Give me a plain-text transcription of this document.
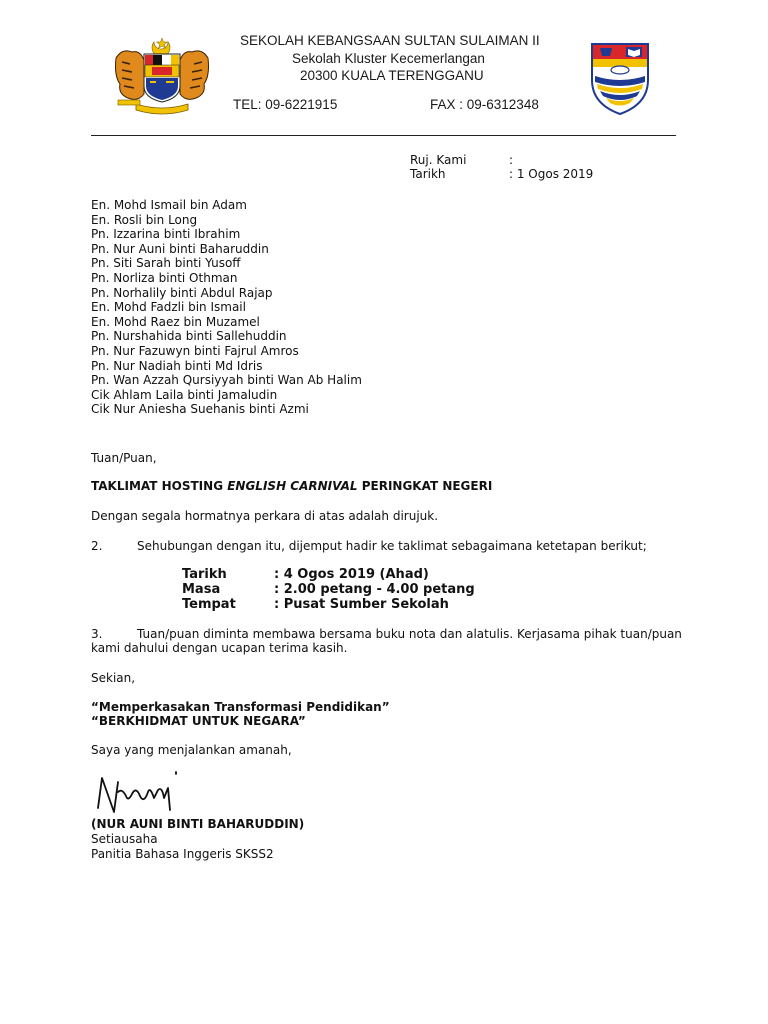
SEKOLAH KEBANGSAAN SULTAN SULAIMAN II
Sekolah Kluster Kecemerlangan
20300 KUALA TERENGGANU
TEL: 09-6221915	FAX : 09-6312348
Ruj. Kami	:
Tarikh	: 1 Ogos 2019
En. Mohd Ismail bin Adam
En. Rosli bin Long
Pn. Izzarina binti Ibrahim
Pn. Nur Auni binti Baharuddin
Pn. Siti Sarah binti Yusoff
Pn. Norliza binti Othman
Pn. Norhalily binti Abdul Rajap
En. Mohd Fadzli bin Ismail
En. Mohd Raez bin Muzamel
Pn. Nurshahida binti Sallehuddin
Pn. Nur Fazuwyn binti Fajrul Amros
Pn. Nur Nadiah binti Md Idris
Pn. Wan Azzah Qursiyyah binti Wan Ab Halim
Cik Ahlam Laila binti Jamaludin
Cik Nur Aniesha Suehanis binti Azmi
Tuan/Puan,
TAKLIMAT HOSTING ENGLISH CARNIVAL PERINGKAT NEGERI
Dengan segala hormatnya perkara di atas adalah dirujuk.
2.	Sehubungan dengan itu, dijemput hadir ke taklimat sebagaimana ketetapan berikut;
Tarikh	: 4 Ogos 2019 (Ahad)
Masa	: 2.00 petang - 4.00 petang
Tempat	: Pusat Sumber Sekolah
3.	Tuan/puan diminta membawa bersama buku nota dan alatulis. Kerjasama pihak tuan/puan
kami dahului dengan ucapan terima kasih.
Sekian,
“Memperkasakan Transformasi Pendidikan”
“BERKHIDMAT UNTUK NEGARA”
Saya yang menjalankan amanah,
(NUR AUNI BINTI BAHARUDDIN)
Setiausaha
Panitia Bahasa Inggeris SKSS2
